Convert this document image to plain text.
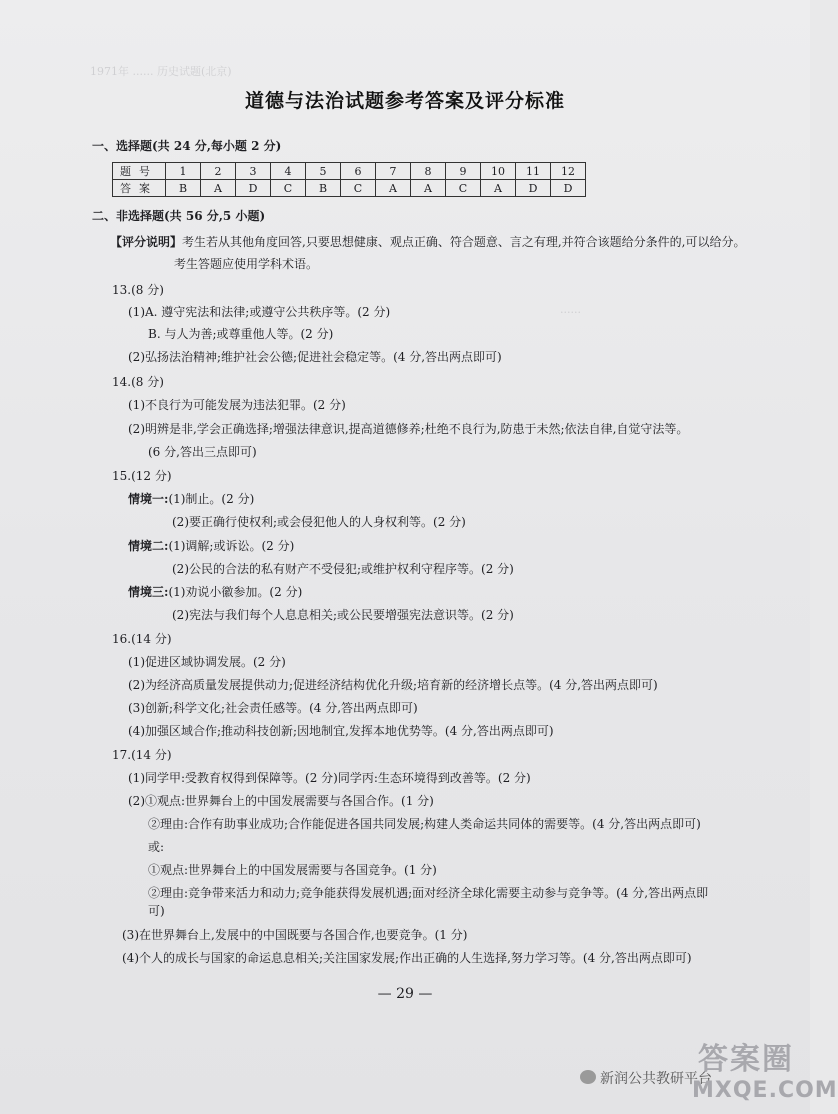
1971年 ...... 历史试题(北京)
......
道德与法治试题参考答案及评分标准
一、选择题(共 24 分,每小题 2 分)
题号	1	2	3	4	5	6	7	8	9	10	11	12
答案	B	A	D	C	B	C	A	A	C	A	D	D
二、非选择题(共 56 分,5 小题)
【评分说明】考生若从其他角度回答,只要思想健康、观点正确、符合题意、言之有理,并符合该题给分条件的,可以给分。
考生答题应使用学科术语。
13.(8 分)
(1)A. 遵守宪法和法律;或遵守公共秩序等。(2 分)
B. 与人为善;或尊重他人等。(2 分)
(2)弘扬法治精神;维护社会公德;促进社会稳定等。(4 分,答出两点即可)
14.(8 分)
(1)不良行为可能发展为违法犯罪。(2 分)
(2)明辨是非,学会正确选择;增强法律意识,提高道德修养;杜绝不良行为,防患于未然;依法自律,自觉守法等。
(6 分,答出三点即可)
15.(12 分)
情境一:(1)制止。(2 分)
(2)要正确行使权利;或会侵犯他人的人身权利等。(2 分)
情境二:(1)调解;或诉讼。(2 分)
(2)公民的合法的私有财产不受侵犯;或维护权利守程序等。(2 分)
情境三:(1)劝说小徽参加。(2 分)
(2)宪法与我们每个人息息相关;或公民要增强宪法意识等。(2 分)
16.(14 分)
(1)促进区域协调发展。(2 分)
(2)为经济高质量发展提供动力;促进经济结构优化升级;培育新的经济增长点等。(4 分,答出两点即可)
(3)创新;科学文化;社会责任感等。(4 分,答出两点即可)
(4)加强区域合作;推动科技创新;因地制宜,发挥本地优势等。(4 分,答出两点即可)
17.(14 分)
(1)同学甲:受教育权得到保障等。(2 分)同学丙:生态环境得到改善等。(2 分)
(2)①观点:世界舞台上的中国发展需要与各国合作。(1 分)
②理由:合作有助事业成功;合作能促进各国共同发展;构建人类命运共同体的需要等。(4 分,答出两点即可)
或:
①观点:世界舞台上的中国发展需要与各国竞争。(1 分)
②理由:竞争带来活力和动力;竞争能获得发展机遇;面对经济全球化需要主动参与竞争等。(4 分,答出两点即
可)
(3)在世界舞台上,发展中的中国既要与各国合作,也要竞争。(1 分)
(4)个人的成长与国家的命运息息相关;关注国家发展;作出正确的人生选择,努力学习等。(4 分,答出两点即可)
— 29 —
新润公共教研平台
答案圈
MXQE.COM
